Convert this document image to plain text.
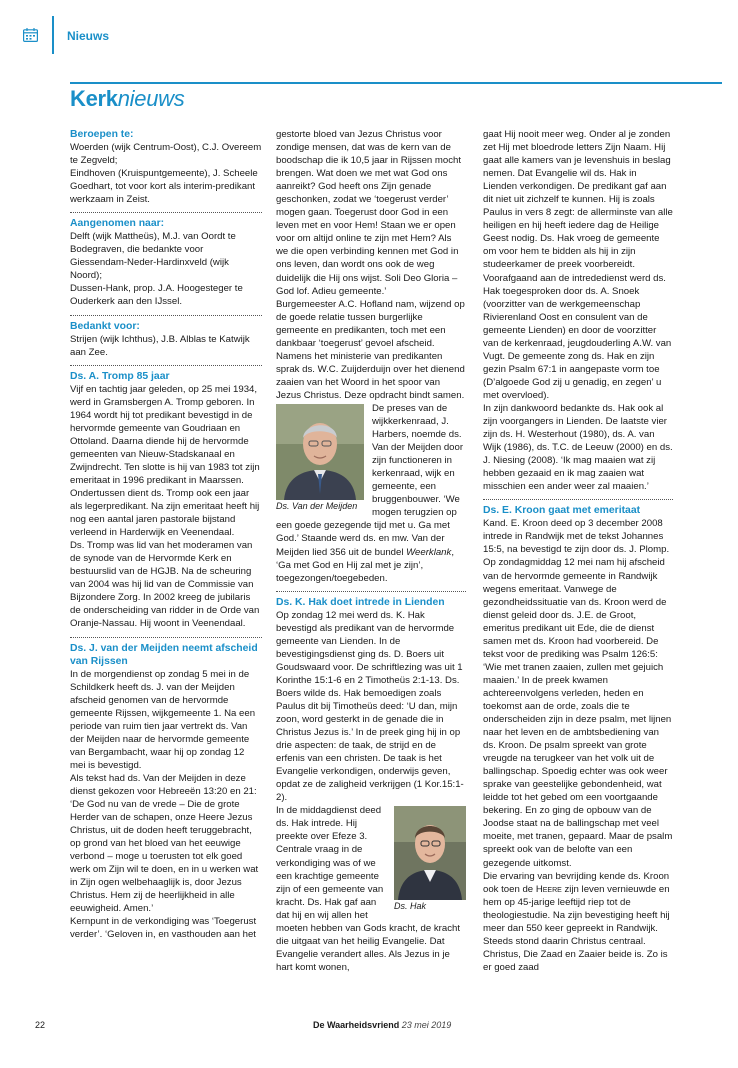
Nieuws
Kerknieuws

Beroepen te:

Woerden (wijk Centrum-Oost), C.J. Overeem te Zegveld;
Eindhoven (Kruispuntgemeente), J. Scheele Goedhart, tot voor kort als interim-predikant werkzaam in Zeist.

Aangenomen naar:

Delft (wijk Mattheüs), M.J. van Oordt te Bodegraven, die bedankte voor Giessendam-Neder-Hardinxveld (wijk Noord);
Dussen-Hank, prop. J.A. Hoogesteger te Ouderkerk aan den IJssel.

Bedankt voor:

Strijen (wijk Ichthus), J.B. Alblas te Katwijk aan Zee.

Ds. A. Tromp 85 jaar

Vijf en tachtig jaar geleden, op 25 mei 1934, werd in Gramsbergen A. Tromp geboren. In 1964 wordt hij tot predikant bevestigd in de hervormde gemeente van Goudriaan en Ottoland. Daarna diende hij de hervormde gemeenten van Nieuw-Stadskanaal en Zwijndrecht. Ten slotte is hij van 1983 tot zijn emeritaat in 1996 predikant in Maarssen. Ondertussen dient ds. Tromp ook een jaar als legerpredikant. Na zijn emeritaat heeft hij nog een aantal jaren pastorale bijstand verleend in Harderwijk en Veenendaal.
Ds. Tromp was lid van het moderamen van de synode van de Hervormde Kerk en bestuurslid van de HGJB. Na de scheuring van 2004 was hij lid van de Commissie van Bijzondere Zorg. In 2002 kreeg de jubilaris de onderscheiding van ridder in de Orde van Oranje-Nassau. Hij woont in Veenendaal.

Ds. J. van der Meijden neemt afscheid van Rijssen

In de morgendienst op zondag 5 mei in de Schildkerk heeft ds. J. van der Meijden afscheid genomen van de hervormde gemeente Rijssen, wijkgemeente 1. Na een periode van ruim tien jaar vertrekt ds. Van der Meijden naar de hervormde gemeente van Bergambacht, waar hij op zondag 12 mei is bevestigd.
Als tekst had ds. Van der Meijden in deze dienst gekozen voor Hebreeën 13:20 en 21: ‘De God nu van de vrede – Die de grote Herder van de schapen, onze Heere Jezus Christus, uit de doden heeft teruggebracht, op grond van het bloed van het eeuwige verbond – moge u toerusten tot elk goed werk om Zijn wil te doen, en in u werken wat in Zijn ogen welbehaaglijk is, door Jezus Christus. Hem zij de heerlijkheid in alle eeuwigheid. Amen.’
Kernpunt in de verkondiging was ‘Toegerust verder’. ‘Geloven in, en vasthouden aan het

gestorte bloed van Jezus Christus voor zondige mensen, dat was de kern van de boodschap die ik 10,5 jaar in Rijssen mocht brengen. Wat doen we met wat God ons aanreikt? God heeft ons Zijn genade geschonken, zodat we ‘toegerust verder’ mogen gaan. Toegerust door God in een leven met en voor Hem! Staan we er open voor om altijd online te zijn met Hem? Als we die open verbinding kennen met God in ons leven, dan wordt ons ook de weg duidelijk die Hij ons wijst. Soli Deo Gloria – God lof. Adieu gemeente.’
Burgemeester A.C. Hofland nam, wijzend op de goede relatie tussen burgerlijke gemeente en predikanten, toch met een dankbaar ‘toegerust’ gevoel afscheid. Namens het ministerie van predikanten sprak ds. W.C. Zuijderduijn over het dienend zaaien van het Woord in het spoor van Jezus Christus. Deze opdracht bindt samen.

Ds. Van der Meijden

De preses van de wijkkerkenraad, J. Harbers, noemde ds. Van der Meijden door zijn functioneren in kerkenraad, wijk en gemeente, een bruggenbouwer. ‘We mogen terugzien op een goede gezegende tijd met u. Ga met God.’ Staande werd ds. en mw. Van der Meijden lied 356 uit de bundel Weerklank, ‘Ga met God en Hij zal met je zijn’, toegezongen/toegebeden.

Ds. K. Hak doet intrede in Lienden

Op zondag 12 mei werd ds. K. Hak bevestigd als predikant van de hervormde gemeente van Lienden. In de bevestigingsdienst ging ds. D. Boers uit Goudswaard voor. De schriftlezing was uit 1 Korinthe 15:1-6 en 2 Timotheüs 2:1-13. Ds. Boers wilde ds. Hak bemoedigen zoals Paulus dit bij Timotheüs deed: ‘U dan, mijn zoon, word gesterkt in de genade die in Christus Jezus is.’ In de preek ging hij in op drie aspecten: de taak, de strijd en de erfenis van een christen. De taak is het Evangelie verkondigen, onderwijs geven, opdat ze de zaligheid verkrijgen (1 Kor.15:1-2).

Ds. Hak

In de middagdienst deed ds. Hak intrede. Hij preekte over Efeze 3. Centrale vraag in de verkondiging was of we een krachtige gemeente zijn of een gemeente van kracht. Ds. Hak gaf aan dat hij en wij allen het moeten hebben van Gods kracht, de kracht die uitgaat van het heilig Evangelie. Dat Evangelie verandert alles. Als Jezus in je hart komt wonen,

gaat Hij nooit meer weg. Onder al je zonden zet Hij met bloedrode letters Zijn Naam. Hij gaat alle kamers van je levenshuis in beslag nemen. Dat Evangelie wil ds. Hak in Lienden verkondigen. De predikant gaf aan dit niet uit zichzelf te kunnen. Hij is zoals Paulus in vers 8 zegt: de allerminste van alle heiligen en hij heeft iedere dag de Heilige Geest nodig. Ds. Hak vroeg de gemeente om voor hem te bidden als hij in zijn studeerkamer de preek voorbereidt. Voorafgaand aan de intrededienst werd ds. Hak toegesproken door ds. A. Snoek (voorzitter van de werkgemeenschap Rivierenland Oost en consulent van de gemeente Lienden) en door de voorzitter van de kerkenraad, jeugdouderling A.W. van Vugt. De gemeente zong ds. Hak en zijn gezin Psalm 67:1 in aangepaste vorm toe (D’algoede God zij u genadig, en zegen’ u met overvloed).
In zijn dankwoord bedankte ds. Hak ook al zijn voorgangers in Lienden. De laatste vier zijn ds. H. Westerhout (1980), ds. A. van Wijk (1986), ds. T.C. de Leeuw (2000) en ds. J. Niesing (2008). ‘Ik mag maaien wat zij hebben gezaaid en ik mag zaaien wat misschien een ander weer zal maaien.’

Ds. E. Kroon gaat met emeritaat

Kand. E. Kroon deed op 3 december 2008 intrede in Randwijk met de tekst Johannes 15:5, na bevestigd te zijn door ds. J. Plomp. Op zondagmiddag 12 mei nam hij afscheid van de hervormde gemeente in Randwijk wegens emeritaat. Vanwege de gezondheidssituatie van ds. Kroon werd de dienst geleid door ds. J.E. de Groot, emeritus predikant uit Ede, die de dienst samen met ds. Kroon had voorbereid. De tekst voor de prediking was Psalm 126:5: ‘Wie met tranen zaaien, zullen met gejuich maaien.’ In de preek kwamen achtereenvolgens verleden, heden en toekomst aan de orde, zoals die te onderscheiden zijn in deze psalm, met lijnen naar het leven en de ambtsbediening van ds. Kroon. De psalm spreekt van grote vreugde na terugkeer van het volk uit de ballingschap. Spoedig echter was ook weer sprake van geestelijke gebondenheid, wat leidde tot het gebed om een voortgaande bekering. En zo ging de opbouw van de Joodse staat na de ballingschap met veel moeite, met tranen, gepaard. Maar de psalm spreekt ook van de belofte van een gezegende uitkomst.

Die ervaring van bevrijding kende ds. Kroon ook toen de Heere zijn leven vernieuwde en hem op 45-jarige leeftijd riep tot de theologiestudie. Na zijn bevestiging heeft hij meer dan 550 keer gepreekt in Randwijk. Steeds stond daarin Christus centraal. Christus, Die Zaad en Zaaier beide is. Zo is er goed zaad

22	De Waarheidsvriend 23 mei 2019
